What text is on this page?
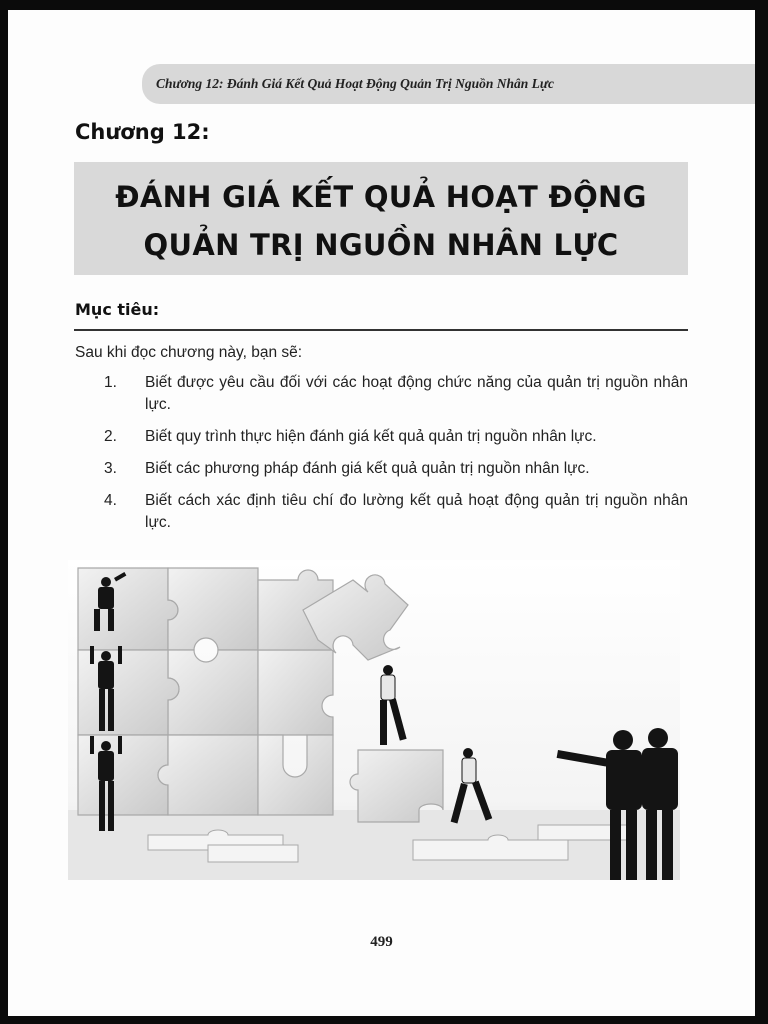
Chương 12: Đánh Giá Kết Quả Hoạt Động Quản Trị Nguồn Nhân Lực
Chương 12:
ĐÁNH GIÁ KẾT QUẢ HOẠT ĐỘNG
QUẢN TRỊ NGUỒN NHÂN LỰC
Mục tiêu:
Sau khi đọc chương này, bạn sẽ:
1. Biết được yêu cầu đối với các hoạt động chức năng của quản trị nguồn nhân lực.
2. Biết quy trình thực hiện đánh giá kết quả quản trị nguồn nhân lực.
3. Biết các phương pháp đánh giá kết quả quản trị nguồn nhân lực.
4. Biết cách xác định tiêu chí đo lường kết quả hoạt động quản trị nguồn nhân lực.
499
